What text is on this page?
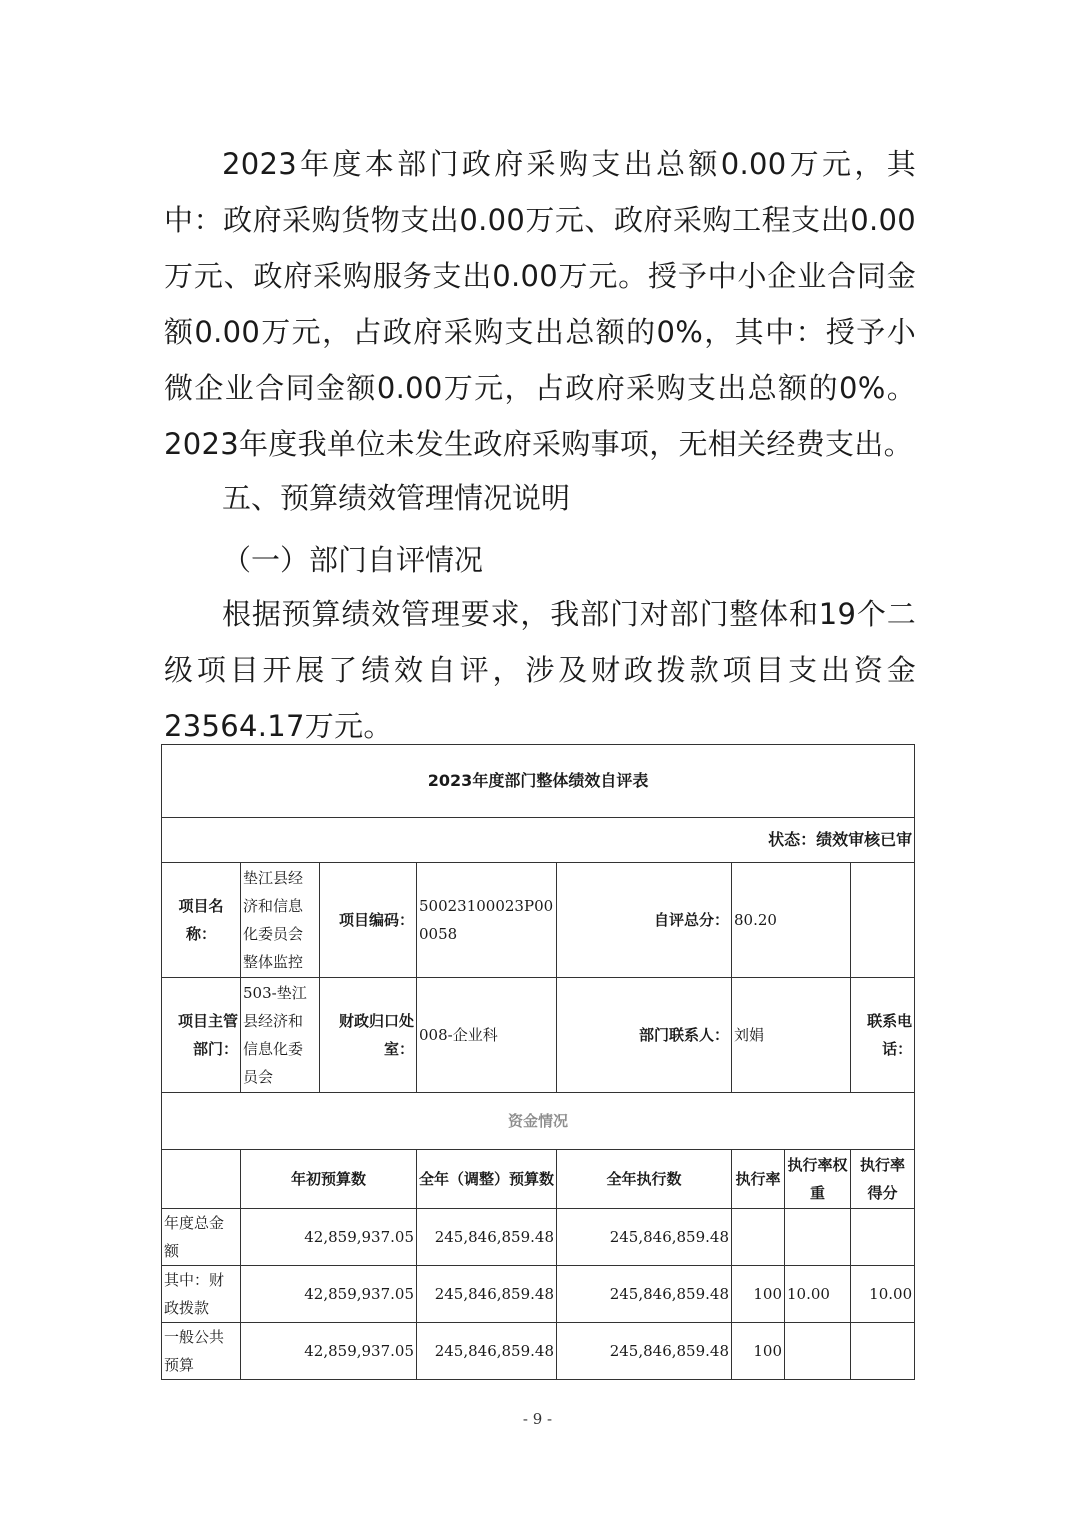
2023年度本部门政府采购支出总额0.00万元，其中：政府采购货物支出0.00万元、政府采购工程支出0.00万元、政府采购服务支出0.00万元。授予中小企业合同金额0.00万元，占政府采购支出总额的0%，其中：授予小微企业合同金额0.00万元，占政府采购支出总额的0%。2023年度我单位未发生政府采购事项，无相关经费支出。

五、预算绩效管理情况说明
（一）部门自评情况

根据预算绩效管理要求，我部门对部门整体和19个二级项目开展了绩效自评，涉及财政拨款项目支出资金23564.17万元。

2023年度部门整体绩效自评表							
状态：绩效审核已审							
项目名称：	垫江县经济和信息化委员会整体监控	项目编码：	50023100023P000058	自评总分：	80.20		
项目主管部门：	503-垫江县经济和信息化委员会	财政归口处室：	008-企业科	部门联系人：	刘娟		联系电话：
资金情况							
	年初预算数		全年（调整）预算数	全年执行数	执行率	执行率权重	执行率得分
年度总金额	42,859,937.05		245,846,859.48	245,846,859.48			
其中：财政拨款	42,859,937.05		245,846,859.48	245,846,859.48	100	10.00	10.00
一般公共预算	42,859,937.05		245,846,859.48	245,846,859.48	100		

- 9 -
